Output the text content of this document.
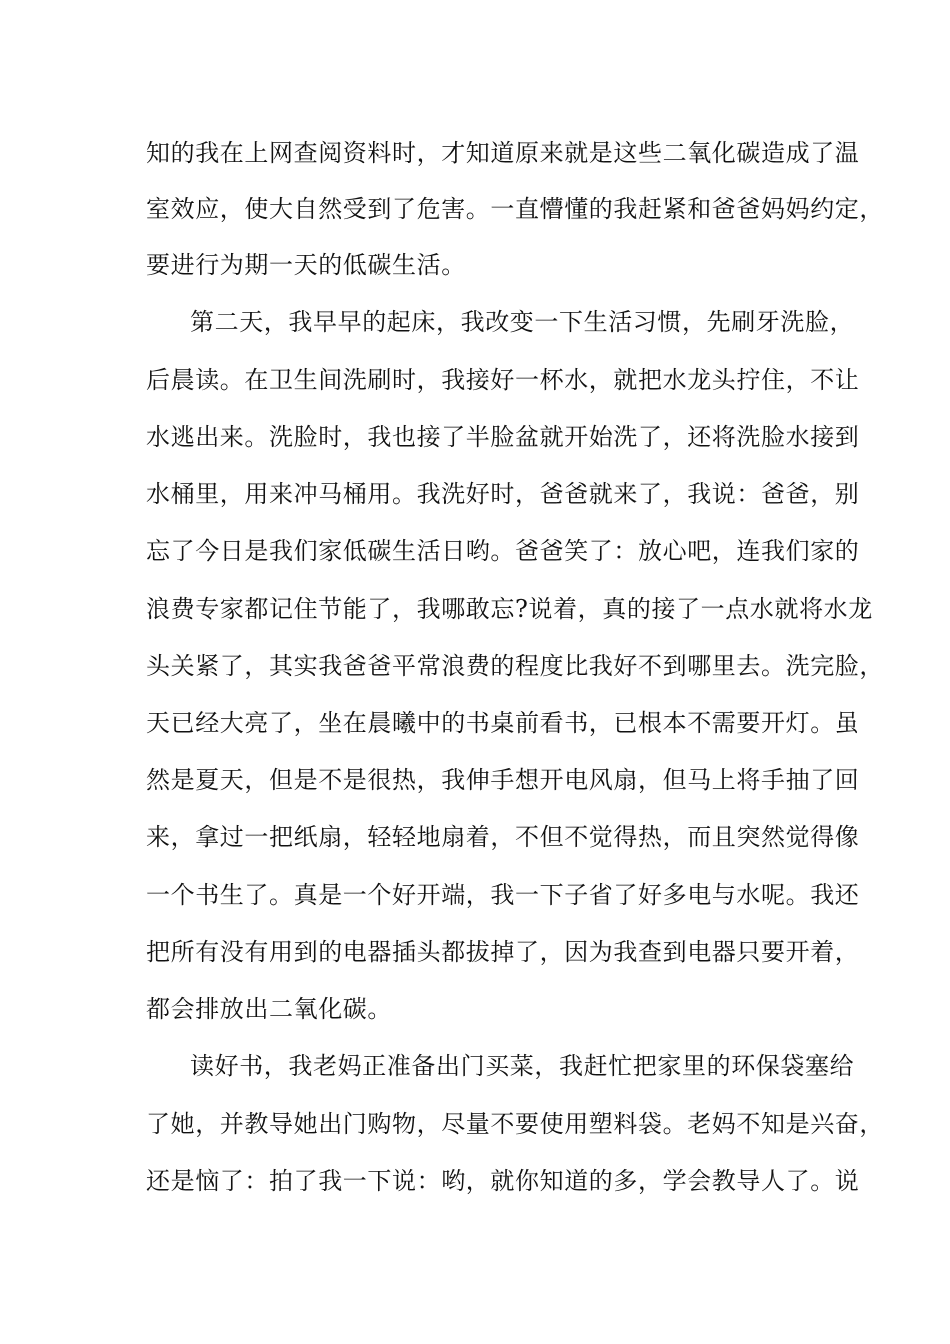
知的我在上网查阅资料时，才知道原来就是这些二氧化碳造成了温
室效应，使大自然受到了危害。一直懵懂的我赶紧和爸爸妈妈约定，
要进行为期一天的低碳生活。
第二天，我早早的起床，我改变一下生活习惯，先刷牙洗脸，
后晨读。在卫生间洗刷时，我接好一杯水，就把水龙头拧住，不让
水逃出来。洗脸时，我也接了半脸盆就开始洗了，还将洗脸水接到
水桶里，用来冲马桶用。我洗好时，爸爸就来了，我说：爸爸，别
忘了今日是我们家低碳生活日哟。爸爸笑了：放心吧，连我们家的
浪费专家都记住节能了，我哪敢忘?说着，真的接了一点水就将水龙
头关紧了，其实我爸爸平常浪费的程度比我好不到哪里去。洗完脸，
天已经大亮了，坐在晨曦中的书桌前看书，已根本不需要开灯。虽
然是夏天，但是不是很热，我伸手想开电风扇，但马上将手抽了回
来，拿过一把纸扇，轻轻地扇着，不但不觉得热，而且突然觉得像
一个书生了。真是一个好开端，我一下子省了好多电与水呢。我还
把所有没有用到的电器插头都拔掉了，因为我查到电器只要开着，
都会排放出二氧化碳。
读好书，我老妈正准备出门买菜，我赶忙把家里的环保袋塞给
了她，并教导她出门购物，尽量不要使用塑料袋。老妈不知是兴奋，
还是恼了：拍了我一下说：哟，就你知道的多，学会教导人了。说
